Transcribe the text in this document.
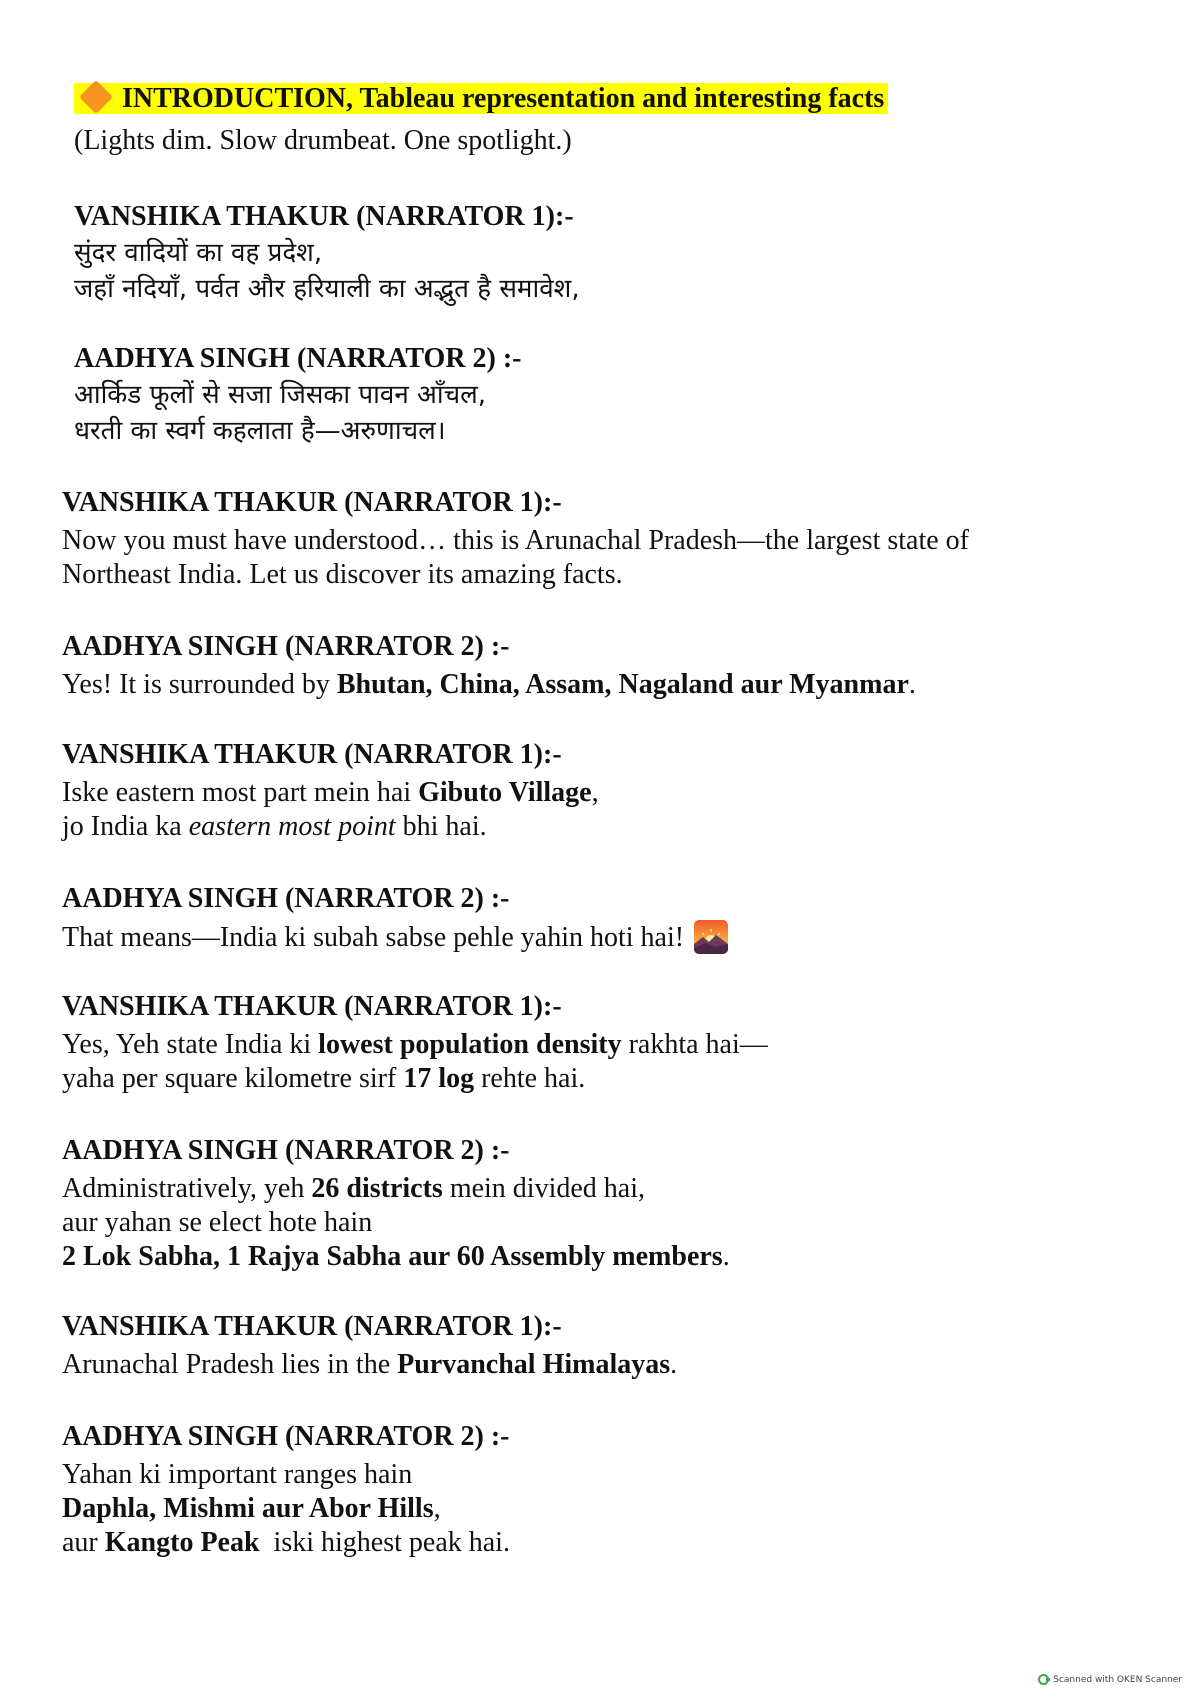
INTRODUCTION, Tableau representation and interesting facts
(Lights dim. Slow drumbeat. One spotlight.)
VANSHIKA THAKUR (NARRATOR 1):-
सुंदर वादियों का वह प्रदेश,
जहाँ नदियाँ, पर्वत और हरियाली का अद्भुत है समावेश,
AADHYA SINGH (NARRATOR 2) :-
आर्किड फूलों से सजा जिसका पावन आँचल,
धरती का स्वर्ग कहलाता है—अरुणाचल।
VANSHIKA THAKUR (NARRATOR 1):-
Now you must have understood… this is Arunachal Pradesh—the largest state of
Northeast India. Let us discover its amazing facts.
AADHYA SINGH (NARRATOR 2) :-
Yes! It is surrounded by Bhutan, China, Assam, Nagaland aur Myanmar.
VANSHIKA THAKUR (NARRATOR 1):-
Iske eastern most part mein hai Gibuto Village,
jo India ka eastern most point bhi hai.
AADHYA SINGH (NARRATOR 2) :-
That means—India ki subah sabse pehle yahin hoti hai!
VANSHIKA THAKUR (NARRATOR 1):-
Yes, Yeh state India ki lowest population density rakhta hai—
yaha per square kilometre sirf 17 log rehte hai.
AADHYA SINGH (NARRATOR 2) :-
Administratively, yeh 26 districts mein divided hai,
aur yahan se elect hote hain
2 Lok Sabha, 1 Rajya Sabha aur 60 Assembly members.
VANSHIKA THAKUR (NARRATOR 1):-
Arunachal Pradesh lies in the Purvanchal Himalayas.
AADHYA SINGH (NARRATOR 2) :-
Yahan ki important ranges hain
Daphla, Mishmi aur Abor Hills,
aur Kangto Peak  iski highest peak hai.
Scanned with OKEN Scanner
